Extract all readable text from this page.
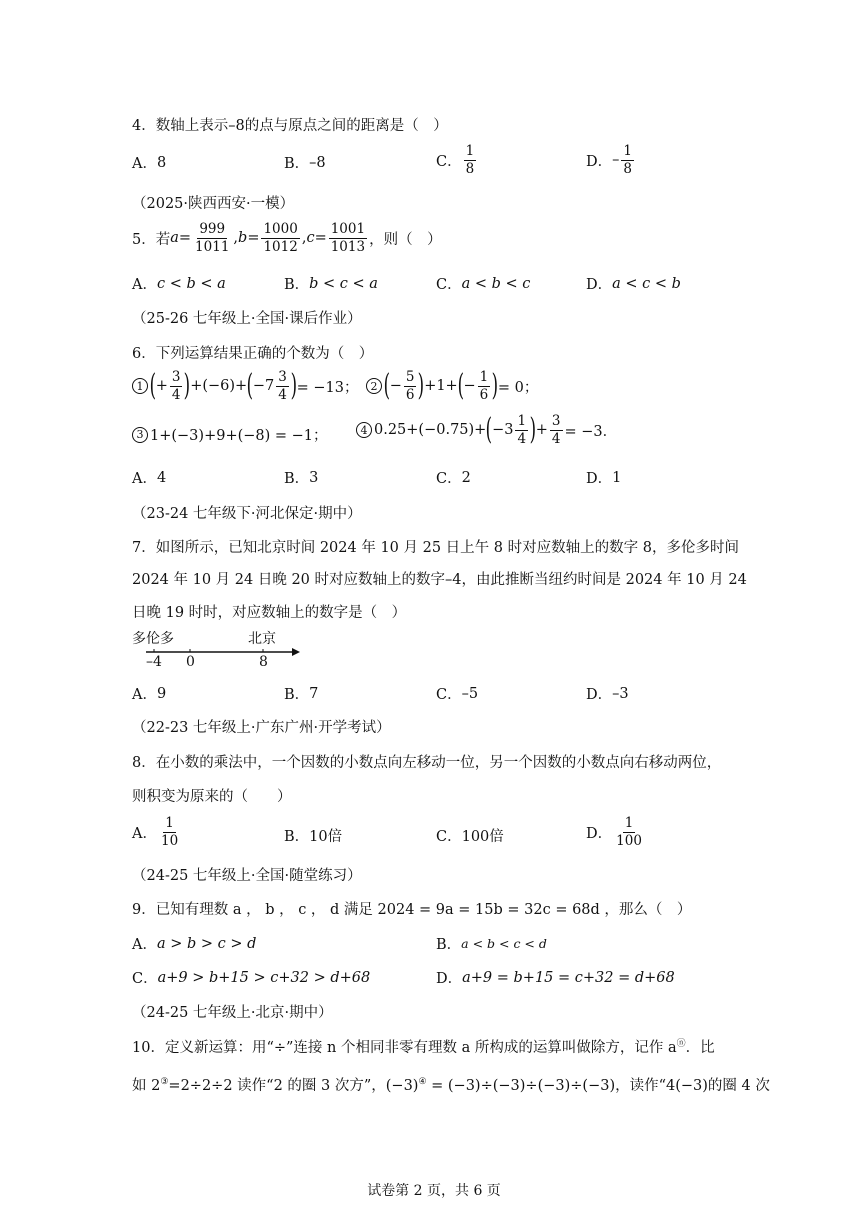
4．数轴上表示–8的点与原点之间的距离是（　）
A． 8	B． –8	C． $\frac{1}{8}$	D． – $\frac{1}{8}$
（2025·陕西西安·一模）
5．若 $a = \frac{999}{1011}$ , $b = \frac{1000}{1012}$ , $c = \frac{1001}{1013}$ ，则（　）
A． c < b < a	B． b < c < a	C． a < b < c	D． a < c < b
（25-26 七年级上·全国·课后作业）
6．下列运算结果正确的个数为（　）
1 ( + $\frac{3}{4}$ ) +(−6)+ ( $-7 \frac{3}{4}$ ) = −13；	2 ( − $\frac{5}{6}$ ) +1+ ( − $\frac{1}{6}$ ) = 0；
3 1+(−3)+9+(−8) = −1；	4 0.25+(−0.75)+ ( $-3 \frac{1}{4}$ ) + $\frac{3}{4} = -3$．
A． 4	B． 3	C． 2	D． 1
（23-24 七年级下·河北保定·期中）
7．如图所示，已知北京时间 2024 年 10 月 25 日上午 8 时对应数轴上的数字 8，多伦多时间
2024 年 10 月 24 日晚 20 时对应数轴上的数字–4，由此推断当纽约时间是 2024 年 10 月 24
日晚 19 时时，对应数轴上的数字是（　）
多伦多	北京
–4 0	8
A． 9	B． 7	C． –5	D． –3
（22-23 七年级上·广东广州·开学考试）
8．在小数的乘法中，一个因数的小数点向左移动一位，另一个因数的小数点向右移动两位，
则积变为原来的（　　）
A． $\frac{1}{10}$	B． 10倍	C． 100倍	D． $\frac{1}{100}$
（24-25 七年级上·全国·随堂练习）
9．已知有理数 a ， b ， c ， d 满足 2024 = 9a = 15b = 32c = 68d ，那么（　）
A． a > b > c > d	B． a < b < c < d
C． a+9 > b+15 > c+32 > d+68	D． a+9 = b+15 = c+32 = d+68
（24-25 七年级上·北京·期中）
10．定义新运算：用“÷”连接 n 个相同非零有理数 a 所构成的运算叫做除方，记作 aⓝ．比
如 2③=2÷2÷2 读作“2 的圈 3 次方”，(−3)④ = (−3)÷(−3)÷(−3)÷(−3)，读作“4(−3)的圈 4 次
试卷第 2 页，共 6 页
